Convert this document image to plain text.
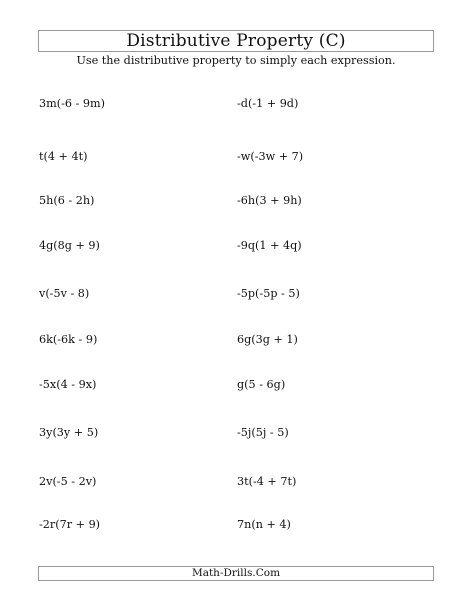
Distributive Property (C)
Use the distributive property to simply each expression.
3m(-6 - 9m)
t(4 + 4t)
5h(6 - 2h)
4g(8g + 9)
v(-5v - 8)
6k(-6k - 9)
-5x(4 - 9x)
3y(3y + 5)
2v(-5 - 2v)
-2r(7r + 9)
-d(-1 + 9d)
-w(-3w + 7)
-6h(3 + 9h)
-9q(1 + 4q)
-5p(-5p - 5)
6g(3g + 1)
g(5 - 6g)
-5j(5j - 5)
3t(-4 + 7t)
7n(n + 4)
Math-Drills.Com
